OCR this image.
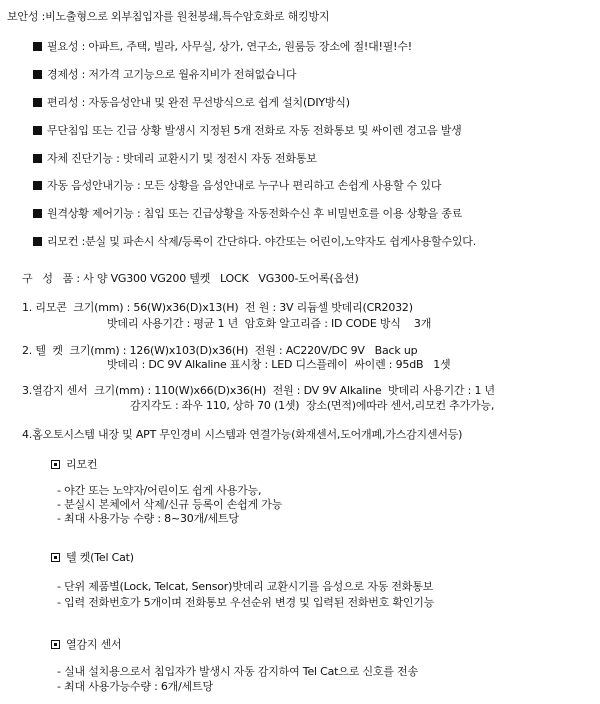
보안성 :비노출형으로 외부침입자를 원천봉쇄,특수암호화로 해킹방지
필요성 : 아파트, 주택, 빌라, 사무실, 상가, 연구소, 원룸등 장소에 절!대!필!수!
경제성 : 저가격 고기능으로 월유지비가 전혀없습니다
편리성 : 자동음성안내 및 완전 무선방식으로 쉽게 설치(DIY방식)
무단침입 또는 긴급 상황 발생시 지정된 5개 전화로 자동 전화통보 및 싸이렌 경고음 발생
자체 진단기능 : 밧데리 교환시기 및 정전시 자동 전화통보
자동 음성안내기능 : 모든 상황을 음성안내로 누구나 편리하고 손쉽게 사용할 수 있다
원격상황 제어기능 : 침입 또는 긴급상황을 자동전화수신 후 비밀번호를 이용 상황을 종료
리모컨 :분실 및 파손시 삭제/등록이 간단하다. 야간또는 어린이,노약자도 쉽게사용할수있다.
구   성   품 : 사 양 VG300 VG200 텔켓   LOCK   VG300-도어록(옵션)
1. 리모콘  크기(mm) : 56(W)x36(D)x13(H)  전 원 : 3V 리듐셀 밧데리(CR2032)
밧데리 사용기간 : 평균 1 년  암호화 알고리즘 : ID CODE 방식    3개
2. 텔  켓  크기(mm) : 126(W)x103(D)x36(H)  전원 : AC220V/DC 9V   Back up
밧데리 : DC 9V Alkaline 표시창 : LED 디스플레이  싸이렌 : 95dB   1셋
3.열감지 센서  크기(mm) : 110(W)x66(D)x36(H)  전원 : DV 9V Alkaline  밧데리 사용기간 : 1 년
감지각도 : 좌우 110, 상하 70 (1셋)  장소(면적)에따라 센서,리모컨 추가가능,
4.홈오토시스템 내장 및 APT 무인경비 시스템과 연결가능(화재센서,도어개폐,가스감지센서등)
리모컨
- 야간 또는 노약자/어린이도 쉽게 사용가능,
- 분실시 본체에서 삭제/신규 등록이 손쉽게 가능
- 최대 사용가능 수량 : 8~30개/세트당
텔 켓(Tel Cat)
- 단위 제품별(Lock, Telcat, Sensor)밧데리 교환시기를 음성으로 자동 전화통보
- 입력 전화번호가 5개이며 전화통보 우선순위 변경 및 입력된 전화번호 확인기능
열감지 센서
- 실내 설치용으로서 침입자가 발생시 자동 감지하여 Tel Cat으로 신호를 전송
- 최대 사용가능수량 : 6개/세트당
